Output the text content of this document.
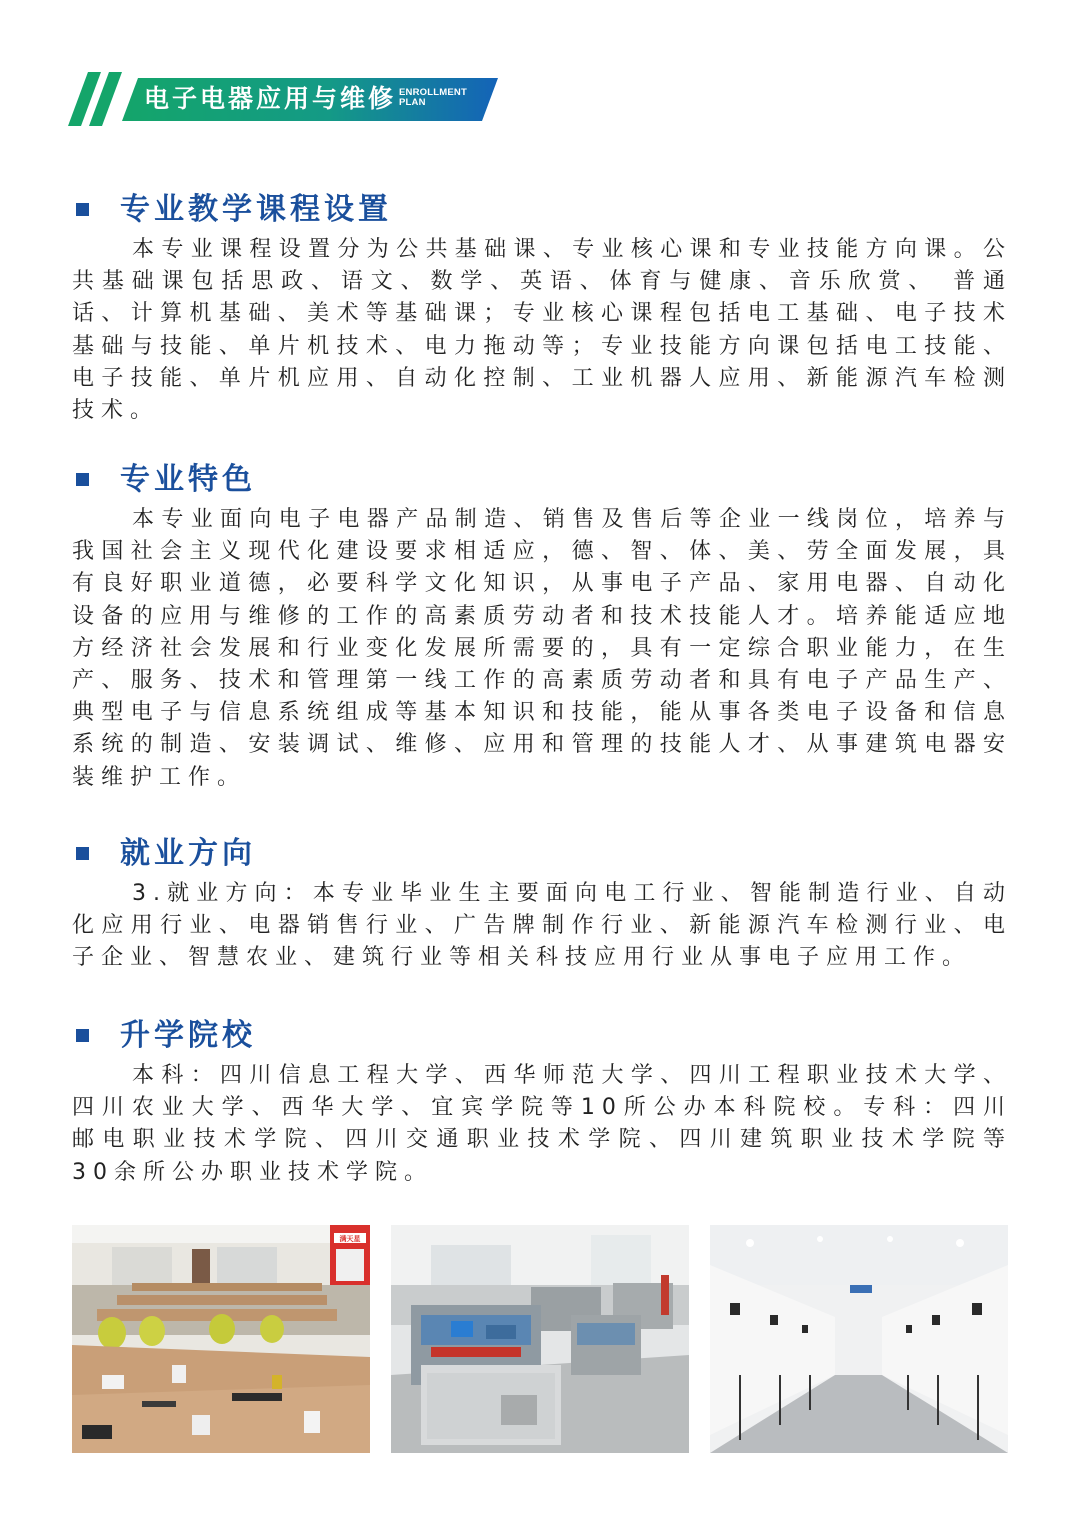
电子电器应用与维修 ENROLLMENT
PLAN
专业教学课程设置

本专业课程设置分为公共基础课、专业核心课和专业技能方向课。公共基础课包括思政、语文、数学、英语、体育与健康、音乐欣赏、 普通话、计算机基础、美术等基础课；专业核心课程包括电工基础、电子技术基础与技能、单片机技术、电力拖动等；专业技能方向课包括电工技能、电子技能、单片机应用、自动化控制、工业机器人应用、新能源汽车检测技术。

专业特色

本专业面向电子电器产品制造、销售及售后等企业一线岗位，培养与我国社会主义现代化建设要求相适应，德、智、体、美、劳全面发展，具有良好职业道德，必要科学文化知识，从事电子产品、家用电器、自动化设备的应用与维修的工作的高素质劳动者和技术技能人才。培养能适应地方经济社会发展和行业变化发展所需要的，具有一定综合职业能力，在生产、服务、技术和管理第一线工作的高素质劳动者和具有电子产品生产、典型电子与信息系统组成等基本知识和技能，能从事各类电子设备和信息系统的制造、安装调试、维修、应用和管理的技能人才、从事建筑电器安装维护工作。

就业方向

3.就业方向：本专业毕业生主要面向电工行业、智能制造行业、自动化应用行业、电器销售行业、广告牌制作行业、新能源汽车检测行业、电子企业、智慧农业、建筑行业等相关科技应用行业从事电子应用工作。

升学院校

本科：四川信息工程大学、西华师范大学、四川工程职业技术大学、四川农业大学、西华大学、宜宾学院等10所公办本科院校。专科：四川邮电职业技术学院、四川交通职业技术学院、四川建筑职业技术学院等30余所公办职业技术学院。

满天星
